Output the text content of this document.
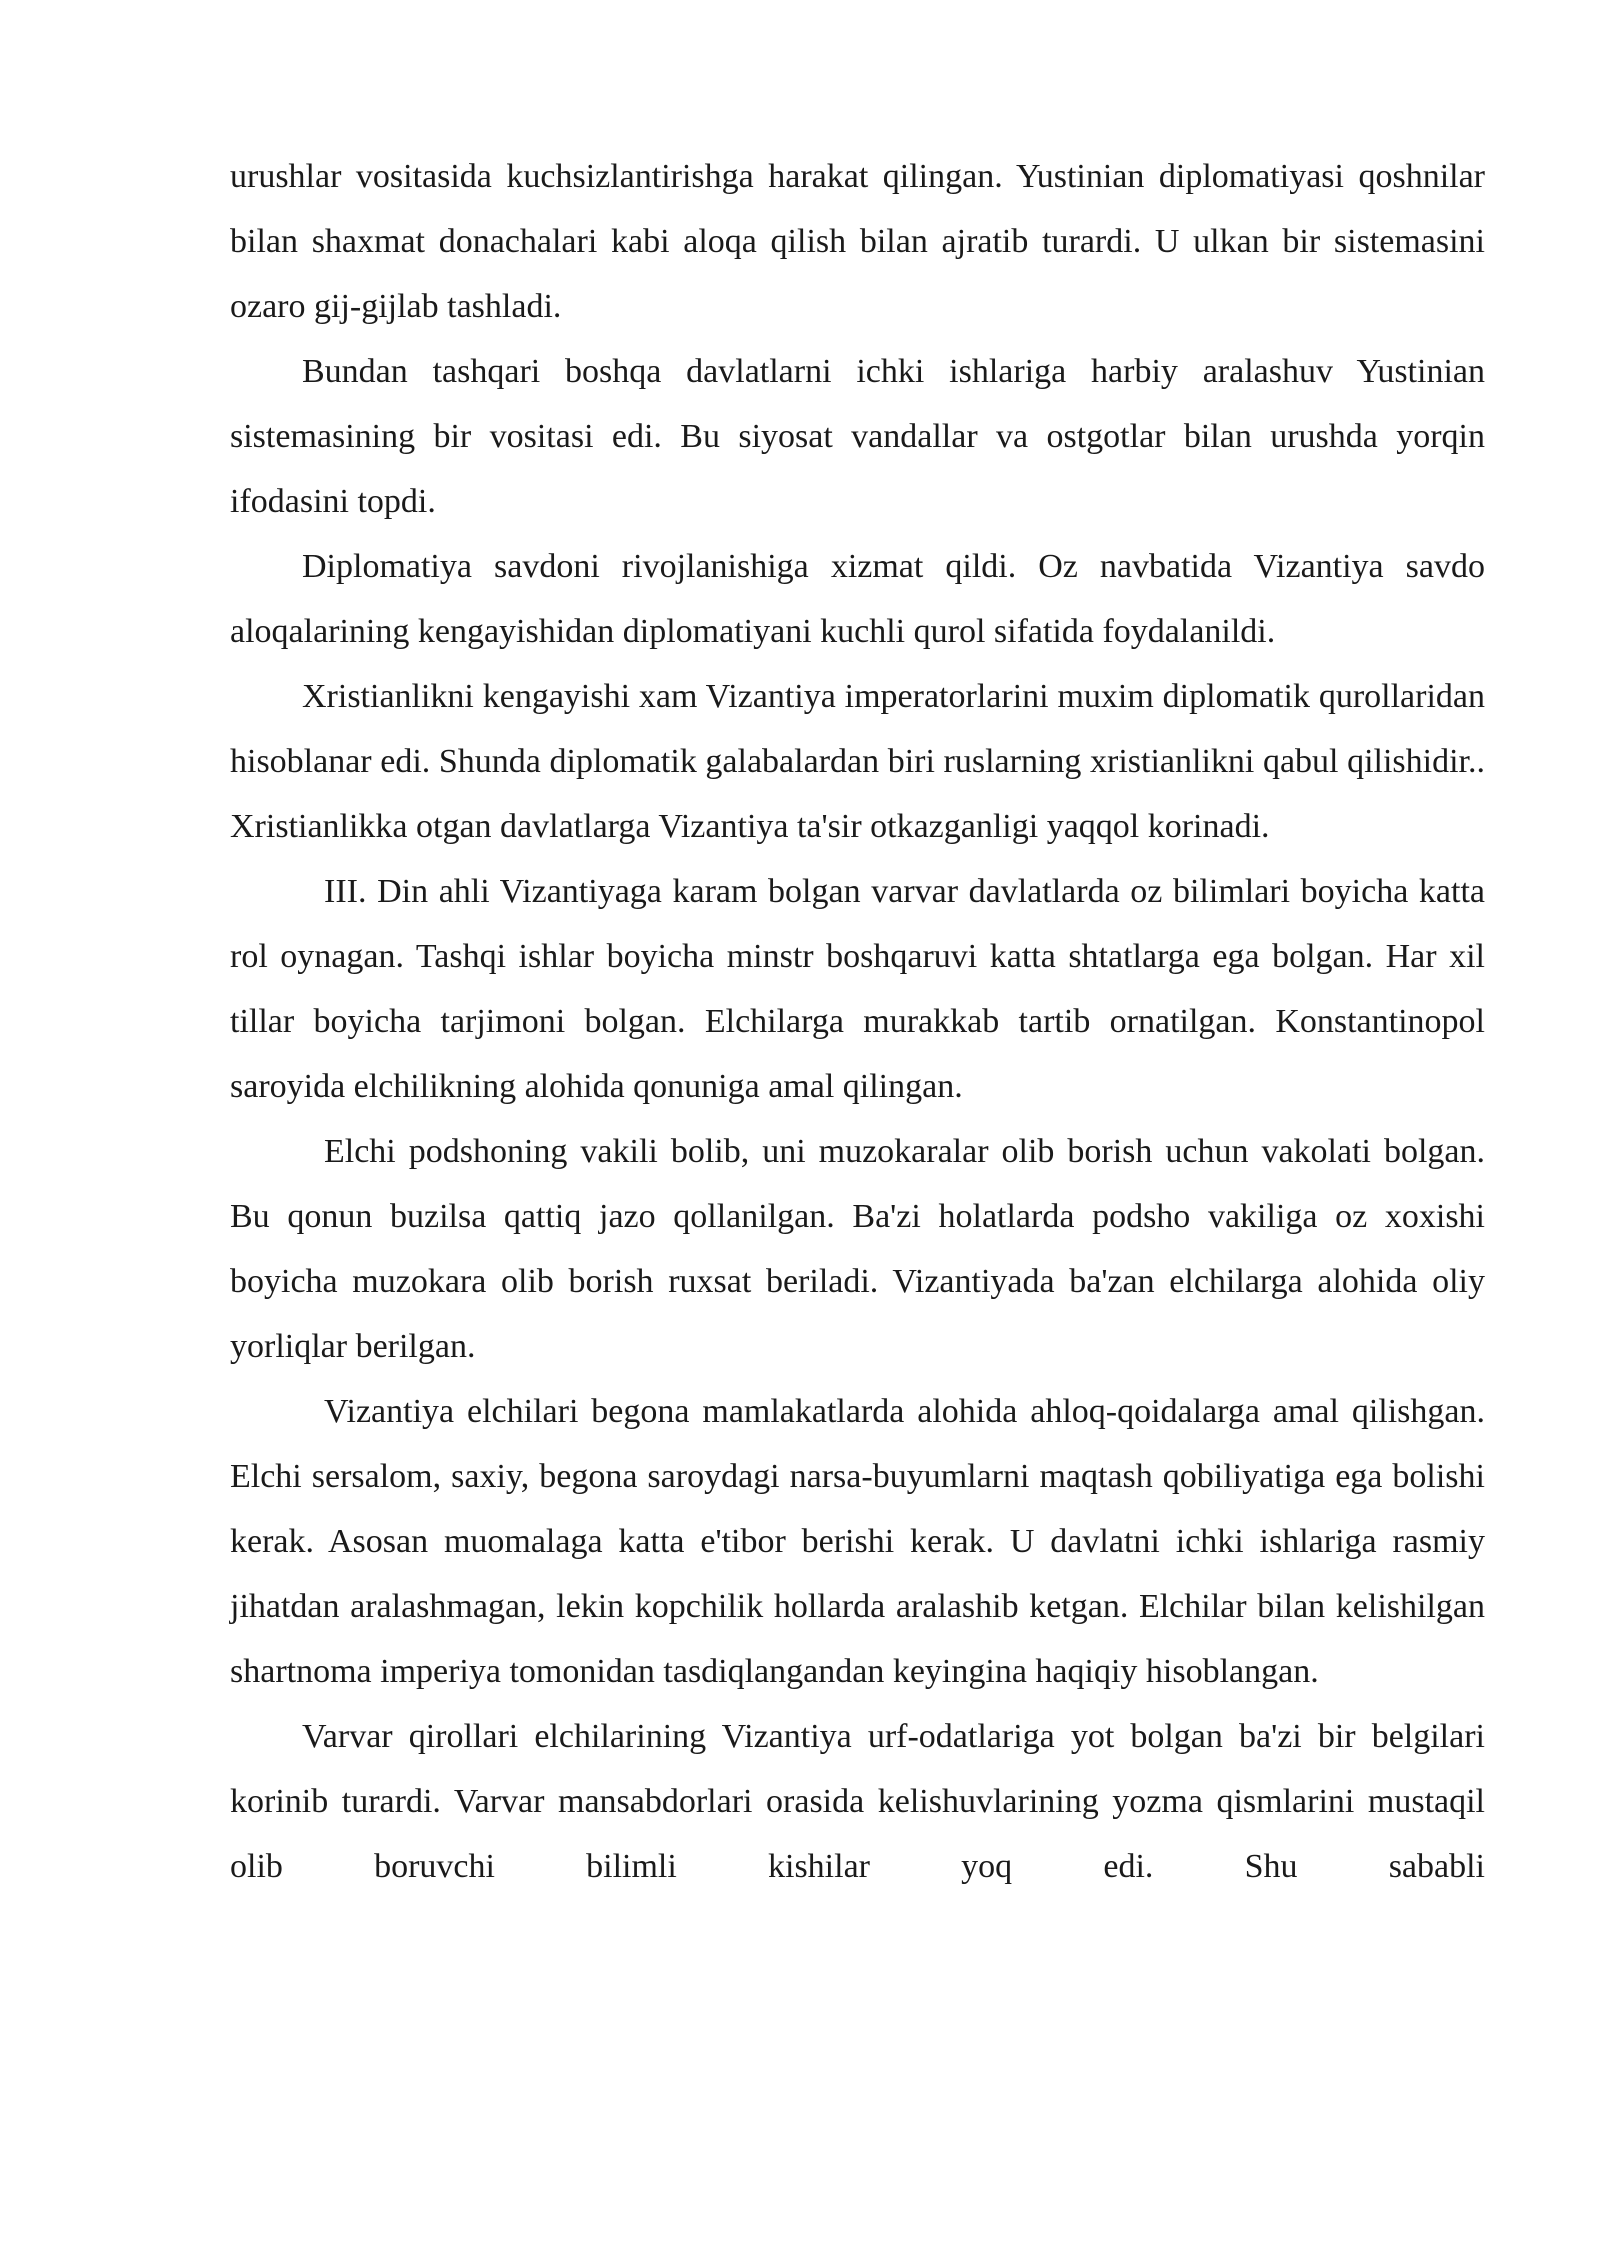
urushlar vositasida kuchsizlantirishga harakat qilingan. Yustinian diplomatiyasi qoshnilar bilan shaxmat donachalari kabi aloqa qilish bilan ajratib turardi. U ulkan bir sistemasini ozaro gij-gijlab tashladi.

Bundan tashqari boshqa davlatlarni ichki ishlariga harbiy aralashuv Yustinian sistemasining bir vositasi edi. Bu siyosat vandallar va ostgotlar bilan urushda yorqin ifodasini topdi.

Diplomatiya savdoni rivojlanishiga xizmat qildi. Oz navbatida Vizantiya savdo aloqalarining kengayishidan diplomatiyani kuchli qurol sifatida foydalanildi.

Xristianlikni kengayishi xam Vizantiya imperatorlarini muxim diplomatik qurollaridan hisoblanar edi. Shunda diplomatik galabalardan biri ruslarning xristianlikni qabul qilishidir.. Xristianlikka otgan davlatlarga Vizantiya ta'sir otkazganligi yaqqol korinadi.

III. Din ahli Vizantiyaga karam bolgan varvar davlatlarda oz bilimlari boyicha katta rol oynagan. Tashqi ishlar boyicha minstr boshqaruvi katta shtatlarga ega bolgan. Har xil tillar boyicha tarjimoni bolgan. Elchilarga murakkab tartib ornatilgan. Konstantinopol saroyida elchilikning alohida qonuniga amal qilingan.

Elchi podshoning vakili bolib, uni muzokaralar olib borish uchun vakolati bolgan. Bu qonun buzilsa qattiq jazo qollanilgan. Ba'zi holatlarda podsho vakiliga oz xoxishi boyicha muzokara olib borish ruxsat beriladi. Vizantiyada ba'zan elchilarga alohida oliy yorliqlar berilgan.

Vizantiya elchilari begona mamlakatlarda alohida ahloq-qoidalarga amal qilishgan. Elchi sersalom, saxiy, begona saroydagi narsa-buyumlarni maqtash qobiliyatiga ega bolishi kerak. Asosan muomalaga katta e'tibor berishi kerak. U davlatni ichki ishlariga rasmiy jihatdan aralashmagan, lekin kopchilik hollarda aralashib ketgan. Elchilar bilan kelishilgan shartnoma imperiya tomonidan tasdiqlangandan keyingina haqiqiy hisoblangan.

Varvar qirollari elchilarining Vizantiya urf-odatlariga yot bolgan ba'zi bir belgilari korinib turardi. Varvar mansabdorlari orasida kelishuvlarining yozma qismlarini mustaqil olib boruvchi bilimli kishilar yoq edi. Shu sababli
